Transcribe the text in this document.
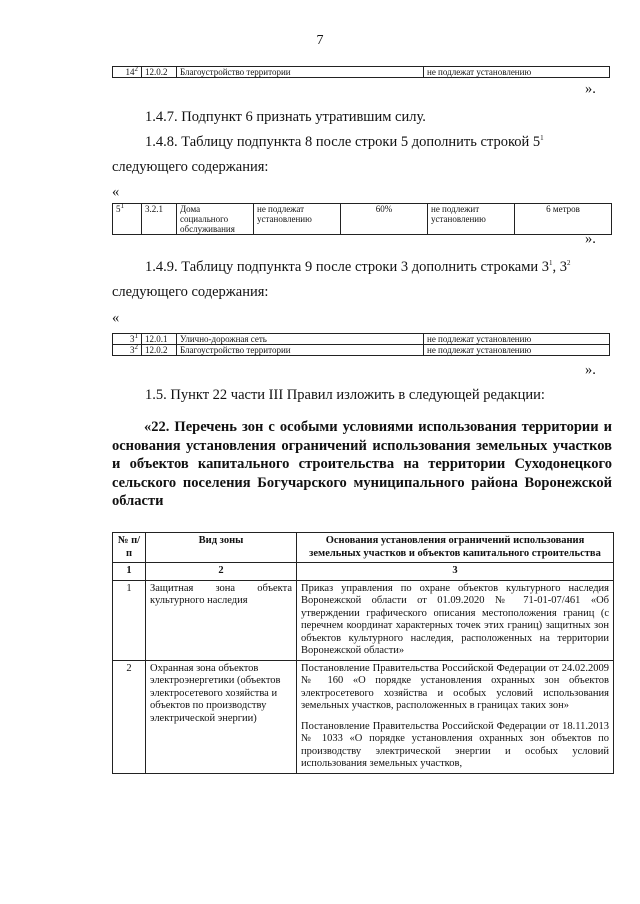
7
$14^2$	12.0.2	Благоустройство территории	не подлежат установлению
».
1.4.7. Подпункт 6 признать утратившим силу.
1.4.8. Таблицу подпункта 8 после строки 5 дополнить строкой $5^1$
следующего содержания:
«
$5^1$	3.2.1	Дома социального обслуживания	не подлежат установлению	60%	не подлежит установлению	6 метров
».
1.4.9. Таблицу подпункта 9 после строки 3 дополнить строками $3^1$, $3^2$
следующего содержания:
«
$3^1$	12.0.1	Улично-дорожная сеть	не подлежат установлению
$3^2$	12.0.2	Благоустройство территории	не подлежат установлению
».
1.5. Пункт 22 части III Правил изложить в следующей редакции:
«22. Перечень зон с особыми условиями использования территории и основания установления ограничений использования земельных участков и объектов капитального строительства на территории Суходонецкого сельского поселения Богучарского муниципального района Воронежской области
№ п/п	Вид зоны	Основания установления ограничений использования земельных участков и объектов капитального строительства
1	2	3
1	Защитная зона объекта культурного наследия	Приказ управления по охране объектов культурного наследия Воронежской области от 01.09.2020 № 71-01-07/461 «Об утверждении графического описания местоположения границ (с перечнем координат характерных точек этих границ) защитных зон объектов культурного наследия, расположенных на территории Воронежской области»
2	Охранная зона объектов электроэнергетики (объектов электросетевого хозяйства и объектов по производству электрической энергии)	Постановление Правительства Российской Федерации от 24.02.2009 № 160 «О порядке установления охранных зон объектов электросетевого хозяйства и особых условий использования земельных участков, расположенных в границах таких зон»
Постановление Правительства Российской Федерации от 18.11.2013 № 1033 «О порядке установления охранных зон объектов по производству электрической энергии и особых условий использования земельных участков,
